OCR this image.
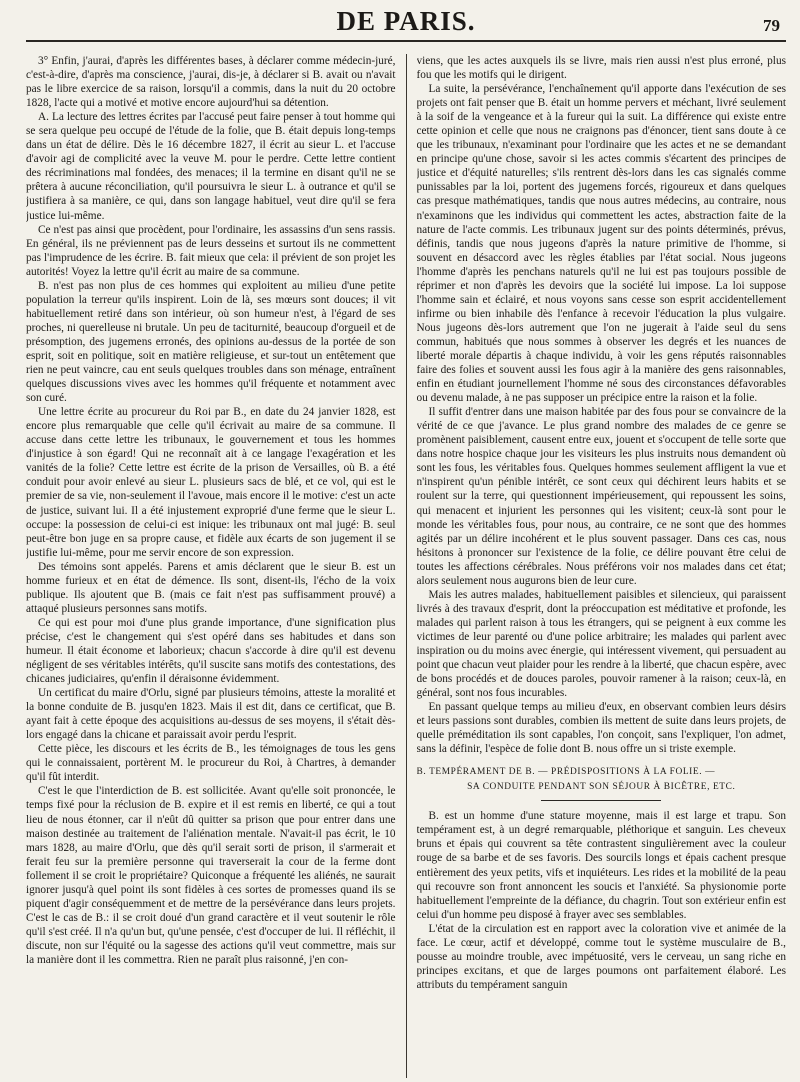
DE PARIS.	79

3° Enfin, j'aurai, d'après les différentes bases, à déclarer comme médecin-juré, c'est-à-dire, d'après ma conscience, j'aurai, dis-je, à déclarer si B. avait ou n'avait pas le libre exercice de sa raison, lorsqu'il a commis, dans la nuit du 20 octobre 1828, l'acte qui a motivé et motive encore aujourd'hui sa détention.

A. La lecture des lettres écrites par l'accusé peut faire penser à tout homme qui se sera quelque peu occupé de l'étude de la folie, que B. était depuis long-temps dans un état de délire. Dès le 16 décembre 1827, il écrit au sieur L. et l'accuse d'avoir agi de complicité avec la veuve M. pour le perdre. Cette lettre contient des récriminations mal fondées, des menaces; il la termine en disant qu'il ne se prêtera à aucune réconciliation, qu'il poursuivra le sieur L. à outrance et qu'il se justifiera à sa manière, ce qui, dans son langage habituel, veut dire qu'il se fera justice lui-même.

Ce n'est pas ainsi que procèdent, pour l'ordinaire, les assassins d'un sens rassis. En général, ils ne préviennent pas de leurs desseins et surtout ils ne commettent pas l'imprudence de les écrire. B. fait mieux que cela: il prévient de son projet les autorités! Voyez la lettre qu'il écrit au maire de sa commune.

B. n'est pas non plus de ces hommes qui exploitent au milieu d'une petite population la terreur qu'ils inspirent. Loin de là, ses mœurs sont douces; il vit habituellement retiré dans son intérieur, où son humeur n'est, à l'égard de ses proches, ni querelleuse ni brutale. Un peu de taciturnité, beaucoup d'orgueil et de présomption, des jugemens erronés, des opinions au-dessus de la portée de son esprit, soit en politique, soit en matière religieuse, et sur-tout un entêtement que rien ne peut vaincre, cau ent seuls quelques troubles dans son ménage, entraînent quelques discussions vives avec les hommes qu'il fréquente et notamment avec son curé.

Une lettre écrite au procureur du Roi par B., en date du 24 janvier 1828, est encore plus remarquable que celle qu'il écrivait au maire de sa commune. Il accuse dans cette lettre les tribunaux, le gouvernement et tous les hommes d'injustice à son égard! Qui ne reconnaît ait à ce langage l'exagération et les vanités de la folie? Cette lettre est écrite de la prison de Versailles, où B. a été conduit pour avoir enlevé au sieur L. plusieurs sacs de blé, et ce vol, qui est le premier de sa vie, non-seulement il l'avoue, mais encore il le motive: c'est un acte de justice, suivant lui. Il a été injustement exproprié d'une ferme que le sieur L. occupe: la possession de celui-ci est inique: les tribunaux ont mal jugé: B. seul peut-être bon juge en sa propre cause, et fidèle aux écarts de son jugement il se justifie lui-même, pour me servir encore de son expression.

Des témoins sont appelés. Parens et amis déclarent que le sieur B. est un homme furieux et en état de démence. Ils sont, disent-ils, l'écho de la voix publique. Ils ajoutent que B. (mais ce fait n'est pas suffisamment prouvé) a attaqué plusieurs personnes sans motifs.

Ce qui est pour moi d'une plus grande importance, d'une signification plus précise, c'est le changement qui s'est opéré dans ses habitudes et dans son humeur. Il était économe et laborieux; chacun s'accorde à dire qu'il est devenu négligent de ses véritables intérêts, qu'il suscite sans motifs des contestations, des chicanes judiciaires, qu'enfin il déraisonne évidemment.

Un certificat du maire d'Orlu, signé par plusieurs témoins, atteste la moralité et la bonne conduite de B. jusqu'en 1823. Mais il est dit, dans ce certificat, que B. ayant fait à cette époque des acquisitions au-dessus de ses moyens, il s'était dès-lors engagé dans la chicane et paraissait avoir perdu l'esprit.

Cette pièce, les discours et les écrits de B., les témoignages de tous les gens qui le connaissaient, portèrent M. le procureur du Roi, à Chartres, à demander qu'il fût interdit.

C'est le que l'interdiction de B. est sollicitée. Avant qu'elle soit prononcée, le temps fixé pour la réclusion de B. expire et il est remis en liberté, ce qui a tout lieu de nous étonner, car il n'eût dû quitter sa prison que pour entrer dans une maison destinée au traitement de l'aliénation mentale. N'avait-il pas écrit, le 10 mars 1828, au maire d'Orlu, que dès qu'il serait sorti de prison, il s'armerait et ferait feu sur la première personne qui traverserait la cour de la ferme dont follement il se croit le propriétaire? Quiconque a fréquenté les aliénés, ne saurait ignorer jusqu'à quel point ils sont fidèles à ces sortes de promesses quand ils se piquent d'agir conséquemment et de mettre de la persévérance dans leurs projets. C'est le cas de B.: il se croit doué d'un grand caractère et il veut soutenir le rôle qu'il s'est créé. Il n'a qu'un but, qu'une pensée, c'est d'occuper de lui. Il réfléchit, il discute, non sur l'équité ou la sagesse des actions qu'il veut commettre, mais sur la manière dont il les commettra. Rien ne paraît plus raisonné, j'en con-

viens, que les actes auxquels ils se livre, mais rien aussi n'est plus erroné, plus fou que les motifs qui le dirigent.

La suite, la persévérance, l'enchaînement qu'il apporte dans l'exécution de ses projets ont fait penser que B. était un homme pervers et méchant, livré seulement à la soif de la vengeance et à la fureur qui la suit. La différence qui existe entre cette opinion et celle que nous ne craignons pas d'énoncer, tient sans doute à ce que les tribunaux, n'examinant pour l'ordinaire que les actes et ne se demandant en principe qu'une chose, savoir si les actes commis s'écartent des principes de justice et d'équité naturelles; s'ils rentrent dès-lors dans les cas signalés comme punissables par la loi, portent des jugemens forcés, rigoureux et dans quelques cas presque mathématiques, tandis que nous autres médecins, au contraire, nous n'examinons que les individus qui commettent les actes, abstraction faite de la nature de l'acte commis. Les tribunaux jugent sur des points déterminés, prévus, définis, tandis que nous jugeons d'après la nature primitive de l'homme, si souvent en désaccord avec les règles établies par l'état social. Nous jugeons l'homme d'après les penchans naturels qu'il ne lui est pas toujours possible de réprimer et non d'après les devoirs que la société lui impose. La loi suppose l'homme sain et éclairé, et nous voyons sans cesse son esprit accidentellement infirme ou bien inhabile dès l'enfance à recevoir l'éducation la plus vulgaire. Nous jugeons dès-lors autrement que l'on ne jugerait à l'aide seul du sens commun, habitués que nous sommes à observer les degrés et les nuances de liberté morale départis à chaque individu, à voir les gens réputés raisonnables faire des folies et souvent aussi les fous agir à la manière des gens raisonnables, enfin en étudiant journellement l'homme né sous des circonstances défavorables ou devenu malade, à ne pas supposer un précipice entre la raison et la folie.

Il suffit d'entrer dans une maison habitée par des fous pour se convaincre de la vérité de ce que j'avance. Le plus grand nombre des malades de ce genre se promènent paisiblement, causent entre eux, jouent et s'occupent de telle sorte que dans notre hospice chaque jour les visiteurs les plus instruits nous demandent où sont les fous, les véritables fous. Quelques hommes seulement affligent la vue et n'inspirent qu'un pénible intérêt, ce sont ceux qui déchirent leurs habits et se roulent sur la terre, qui questionnent impérieusement, qui repoussent les soins, qui menacent et injurient les personnes qui les visitent; ceux-là sont pour le monde les véritables fous, pour nous, au contraire, ce ne sont que des hommes agités par un délire incohérent et le plus souvent passager. Dans ces cas, nous hésitons à prononcer sur l'existence de la folie, ce délire pouvant être celui de toutes les affections cérébrales. Nous préférons voir nos malades dans cet état; alors seulement nous augurons bien de leur cure.

Mais les autres malades, habituellement paisibles et silencieux, qui paraissent livrés à des travaux d'esprit, dont la préoccupation est méditative et profonde, les malades qui parlent raison à tous les étrangers, qui se peignent à eux comme les victimes de leur parenté ou d'une police arbitraire; les malades qui parlent avec inspiration ou du moins avec énergie, qui intéressent vivement, qui persuadent au point que chacun veut plaider pour les rendre à la liberté, que chacun espère, avec de bons procédés et de douces paroles, pouvoir ramener à la raison; ceux-là, en général, sont nos fous incurables.

En passant quelque temps au milieu d'eux, en observant combien leurs désirs et leurs passions sont durables, combien ils mettent de suite dans leurs projets, de quelle préméditation ils sont capables, l'on conçoit, sans l'expliquer, l'on admet, sans la définir, l'espèce de folie dont B. nous offre un si triste exemple.

B. TEMPÉRAMENT DE B. — PRÉDISPOSITIONS À LA FOLIE. —
SA CONDUITE PENDANT SON SÉJOUR À BICÊTRE, ETC.

B. est un homme d'une stature moyenne, mais il est large et trapu. Son tempérament est, à un degré remarquable, pléthorique et sanguin. Les cheveux bruns et épais qui couvrent sa tête contrastent singulièrement avec la couleur rouge de sa barbe et de ses favoris. Des sourcils longs et épais cachent presque entièrement des yeux petits, vifs et inquiéteurs. Les rides et la mobilité de la peau qui recouvre son front annoncent les soucis et l'anxiété. Sa physionomie porte habituellement l'empreinte de la défiance, du chagrin. Tout son extérieur enfin est celui d'un homme peu disposé à frayer avec ses semblables.

L'état de la circulation est en rapport avec la coloration vive et animée de la face. Le cœur, actif et développé, comme tout le système musculaire de B., pousse au moindre trouble, avec impétuosité, vers le cerveau, un sang riche en principes excitans, et que de larges poumons ont parfaitement élaboré. Les attributs du tempérament sanguin
